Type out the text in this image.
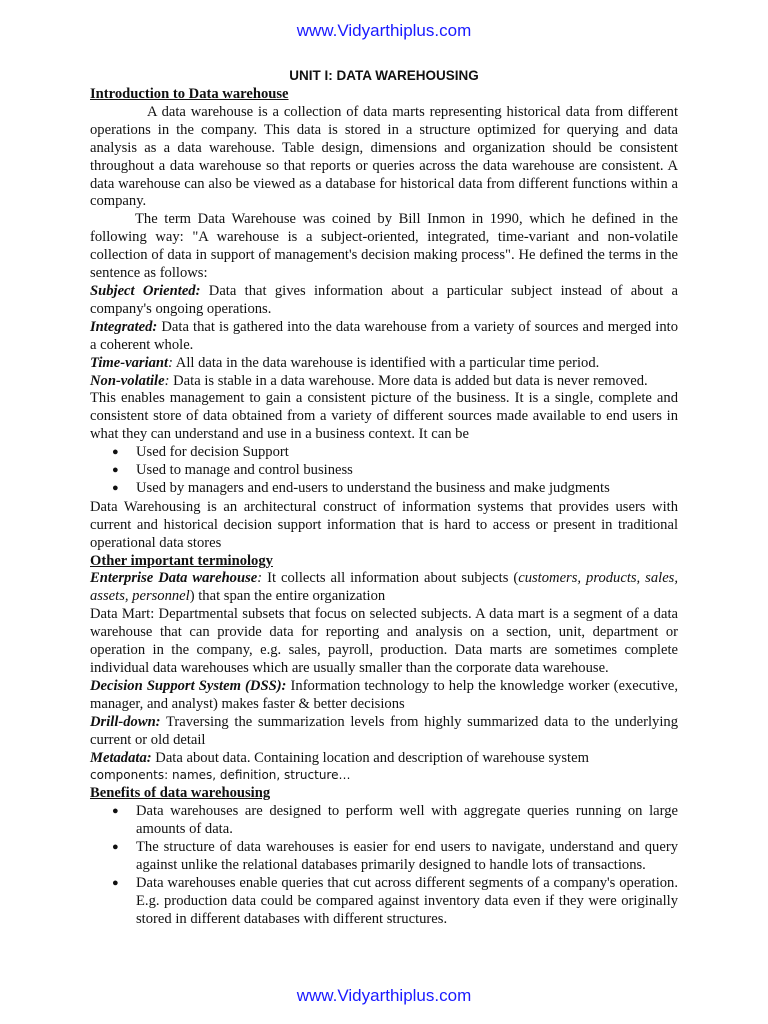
www.Vidyarthiplus.com
UNIT I: DATA WAREHOUSING
Introduction to Data warehouse

A data warehouse is a collection of data marts representing historical data from different operations in the company. This data is stored in a structure optimized for querying and data analysis as a data warehouse. Table design, dimensions and organization should be consistent throughout a data warehouse so that reports or queries across the data warehouse are consistent. A data warehouse can also be viewed as a database for historical data from different functions within a company.

The term Data Warehouse was coined by Bill Inmon in 1990, which he defined in the following way: "A warehouse is a subject-oriented, integrated, time-variant and non-volatile collection of data in support of management's decision making process". He defined the terms in the sentence as follows:

Subject Oriented: Data that gives information about a particular subject instead of about a company's ongoing operations.

Integrated: Data that is gathered into the data warehouse from a variety of sources and merged into a coherent whole.

Time-variant: All data in the data warehouse is identified with a particular time period.

Non-volatile: Data is stable in a data warehouse. More data is added but data is never removed.

This enables management to gain a consistent picture of the business. It is a single, complete and consistent store of data obtained from a variety of different sources made available to end users in what they can understand and use in a business context. It can be

● Used for decision Support
● Used to manage and control business
● Used by managers and end-users to understand the business and make judgments

Data Warehousing is an architectural construct of information systems that provides users with current and historical decision support information that is hard to access or present in traditional operational data stores

Other important terminology

Enterprise Data warehouse: It collects all information about subjects (customers, products, sales, assets, personnel) that span the entire organization

Data Mart: Departmental subsets that focus on selected subjects. A data mart is a segment of a data warehouse that can provide data for reporting and analysis on a section, unit, department or operation in the company, e.g. sales, payroll, production. Data marts are sometimes complete individual data warehouses which are usually smaller than the corporate data warehouse.

Decision Support System (DSS): Information technology to help the knowledge worker (executive, manager, and analyst) makes faster & better decisions

Drill-down: Traversing the summarization levels from highly summarized data to the underlying current or old detail

Metadata: Data about data. Containing location and description of warehouse system
components: names, definition, structure…

Benefits of data warehousing
● Data warehouses are designed to perform well with aggregate queries running on large amounts of data.
● The structure of data warehouses is easier for end users to navigate, understand and query against unlike the relational databases primarily designed to handle lots of transactions.
● Data warehouses enable queries that cut across different segments of a company's operation. E.g. production data could be compared against inventory data even if they were originally stored in different databases with different structures.
www.Vidyarthiplus.com
